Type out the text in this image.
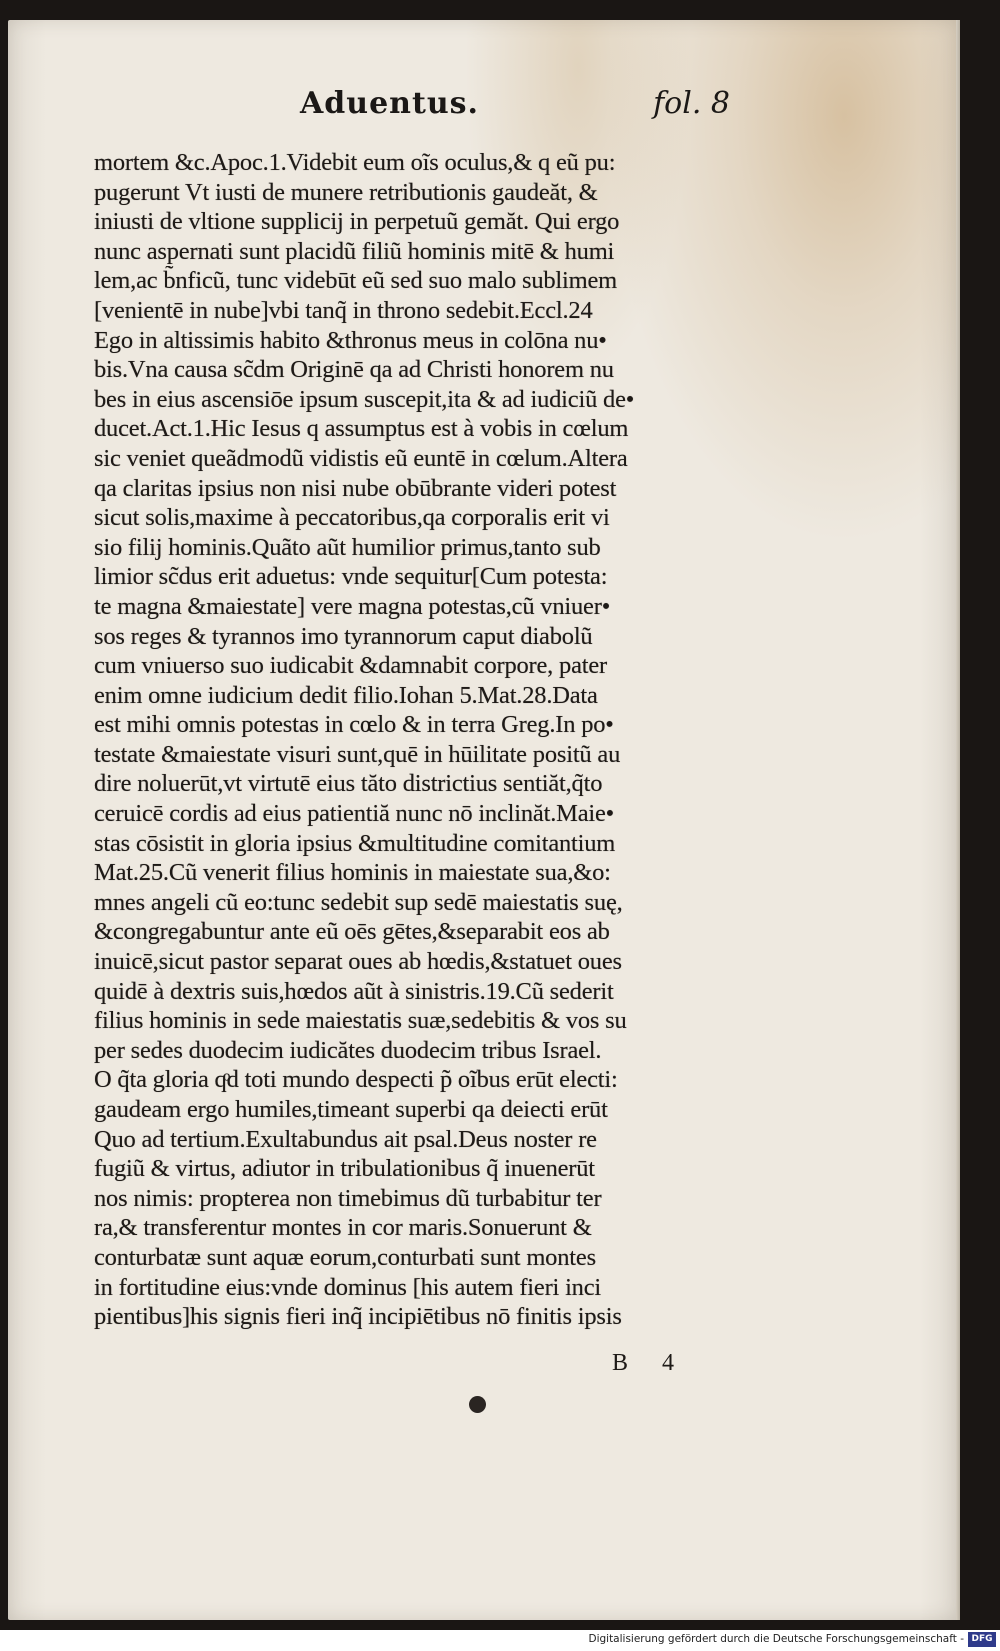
Aduentus.	fol. 8
mortem &c.Apoc.1.Videbit eum oĩs oculus,& q eũ pu:
pugerunt Vt iusti de munere retributionis gaudeăt, &
iniusti de vltione supplicij in perpetuũ gemăt. Qui ergo
nunc aspernati sunt placidũ filiũ hominis mitē & humi
lem,ac b̃nficũ, tunc videbūt eũ sed suo malo sublimem
[venientē in nube]vbi tanq̃ in throno sedebit.Eccl.24
Ego in altissimis habito &thronus meus in colōna nu•
bis.Vna causa sc̃dm Originē qa ad Christi honorem nu
bes in eius ascensiōe ipsum suscepit,ita & ad iudiciũ de•
ducet.Act.1.Hic Iesus q assumptus est à vobis in cœlum
sic veniet queãdmodũ vidistis eũ euntē in cœlum.Altera
qa claritas ipsius non nisi nube obūbrante videri potest
sicut solis,maxime à peccatoribus,qa corporalis erit vi
sio filij hominis.Quãto aũt humilior primus,tanto sub
limior sc̃dus erit aduetus: vnde sequitur[Cum potesta:
te magna &maiestate] vere magna potestas,cũ vniuer•
sos reges & tyrannos imo tyrannorum caput diabolũ
cum vniuerso suo iudicabit &damnabit corpore, pater
enim omne iudicium dedit filio.Iohan 5.Mat.28.Data
est mihi omnis potestas in cœlo & in terra Greg.In po•
testate &maiestate visuri sunt,quē in hūilitate positũ au
dire noluerūt,vt virtutē eius tăto districtius sentiăt,q̃to
ceruicē cordis ad eius patientiă nunc nō inclinăt.Maie•
stas cōsistit in gloria ipsius &multitudine comitantium
Mat.25.Cũ venerit filius hominis in maiestate sua,&o:
mnes angeli cũ eo:tunc sedebit sup sedē maiestatis suę,
&congregabuntur ante eũ oēs gētes,&separabit eos ab
inuicē,sicut pastor separat oues ab hœdis,&statuet oues
quidē à dextris suis,hœdos aũt à sinistris.19.Cũ sederit
filius hominis in sede maiestatis suæ,sedebitis & vos su
per sedes duodecim iudicătes duodecim tribus Israel.
O q̃ta gloria qͦd toti mundo despecti p̃ oĩbus erūt electi:
gaudeam ergo humiles,timeant superbi qa deiecti erūt
Quo ad tertium.Exultabundus ait psal.Deus noster re
fugiũ & virtus, adiutor in tribulationibus q̃ inuenerūt
nos nimis: propterea non timebimus dũ turbabitur ter
ra,& transferentur montes in cor maris.Sonuerunt &
conturbatæ sunt aquæ eorum,conturbati sunt montes
in fortitudine eius:vnde dominus [his autem fieri inci
pientibus]his signis fieri inq̃ incipiētibus nō finitis ipsis
B 4
Digitalisierung gefördert durch die Deutsche Forschungsgemeinschaft - DFG
